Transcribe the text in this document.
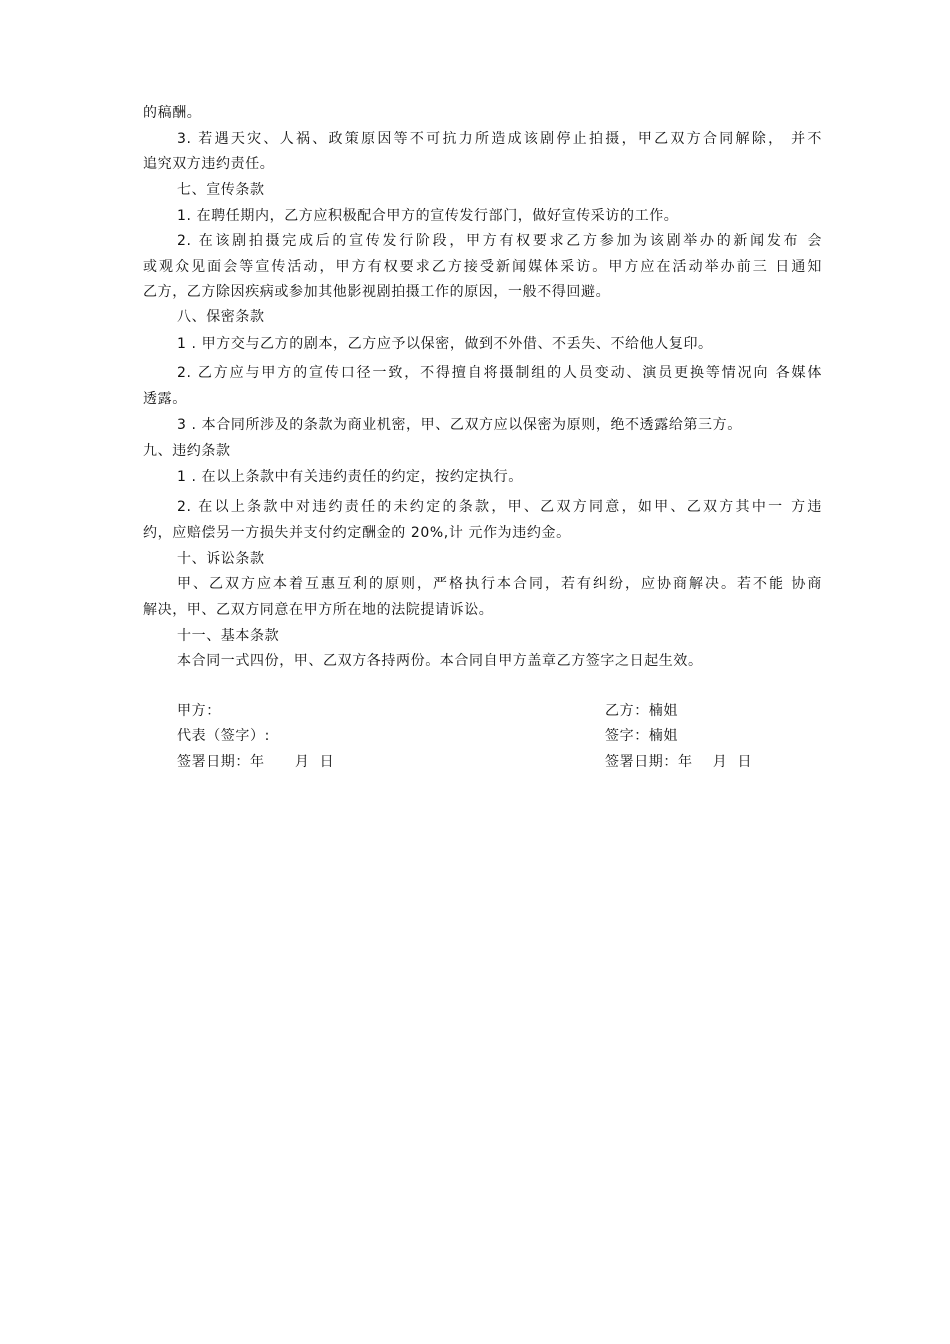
的稿酬。
3. 若遇天灾、人祸、政策原因等不可抗力所造成该剧停止拍摄，甲乙双方合同解除， 并不
追究双方违约责任。
七、宣传条款
1. 在聘任期内，乙方应积极配合甲方的宣传发行部门，做好宣传采访的工作。
2. 在该剧拍摄完成后的宣传发行阶段，甲方有权要求乙方参加为该剧举办的新闻发布 会
或观众见面会等宣传活动，甲方有权要求乙方接受新闻媒体采访。甲方应在活动举办前三 日通知
乙方，乙方除因疾病或参加其他影视剧拍摄工作的原因，一般不得回避。
八、保密条款
1 . 甲方交与乙方的剧本，乙方应予以保密，做到不外借、不丢失、不给他人复印。
2. 乙方应与甲方的宣传口径一致，不得擅自将摄制组的人员变动、演员更换等情况向 各媒体
透露。
3 . 本合同所涉及的条款为商业机密，甲、乙双方应以保密为原则，绝不透露给第三方。
九、违约条款
1 . 在以上条款中有关违约责任的约定，按约定执行。
2. 在以上条款中对违约责任的未约定的条款，甲、乙双方同意，如甲、乙双方其中一 方违
约，应赔偿另一方损失并支付约定酬金的 20%,计 元作为违约金。
十、诉讼条款
甲、乙双方应本着互惠互利的原则，严格执行本合同，若有纠纷，应协商解决。若不能 协商
解决，甲、乙双方同意在甲方所在地的法院提请诉讼。
十一、基本条款
本合同一式四份，甲、乙双方各持两份。本合同自甲方盖章乙方签字之日起生效。
甲方：
代表（签字）:
签署日期：年      月  日
乙方：楠姐
签字：楠姐
签署日期：年    月  日
